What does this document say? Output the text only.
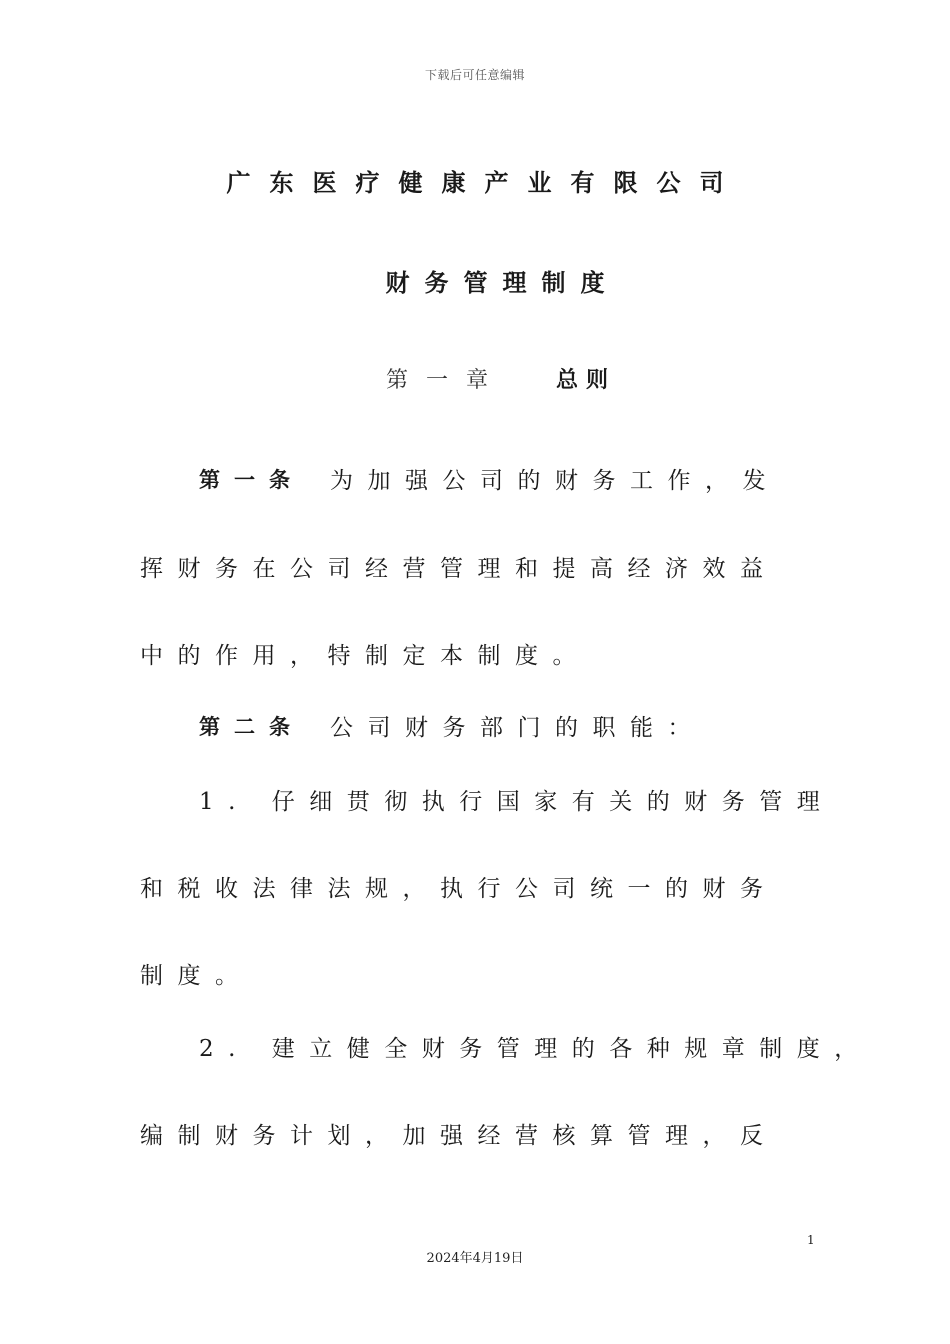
下载后可任意编辑
广东医疗健康产业有限公司
财务管理制度
第一章 总则
第一条 为加强公司的财务工作，发
挥财务在公司经营管理和提高经济效益
中的作用，特制定本制度。
第二条 公司财务部门的职能：
1. 仔细贯彻执行国家有关的财务管理
和税收法律法规，执行公司统一的财务
制度。
2. 建立健全财务管理的各种规章制度，
编制财务计划，加强经营核算管理，反
1
2024年4月19日
